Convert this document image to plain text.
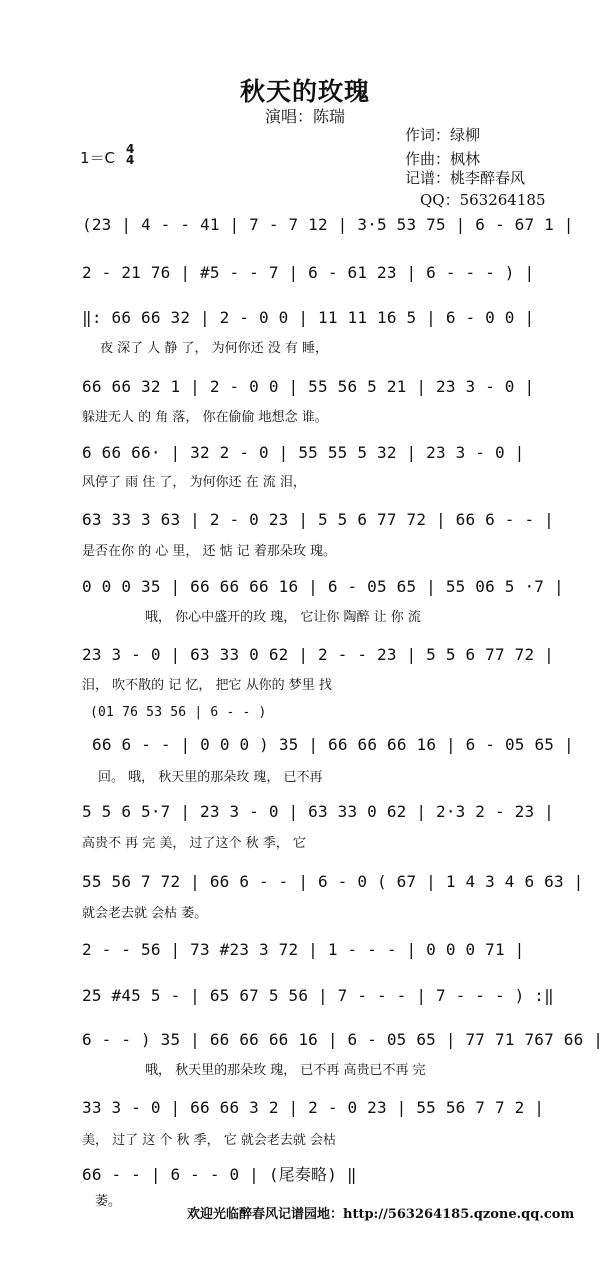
秋天的玫瑰
演唱：陈瑞
作词：绿柳
作曲：枫林
记谱：桃李醉春风
QQ：563264185
1＝C 4
4
(23 | 4 - - 41 | 7 - 7 12 | 3·5 53 75 | 6 - 67 1 |
2 - 21 76 | #5 - - 7 | 6 - 61 23 | 6 - - - ) |
‖: 66 66 32 | 2 - 0 0 | 11 11 16 5 | 6 - 0 0 |
夜 深了 人 静 了， 为何你还 没 有 睡，
66 66 32 1 | 2 - 0 0 | 55 56 5 21 | 23 3 - 0 |
躲进无人 的 角 落， 你在偷偷 地想念 谁。
6 66 66· | 32 2 - 0 | 55 55 5 32 | 23 3 - 0 |
风停了 雨 住 了， 为何你还 在 流 泪，
63 33 3 63 | 2 - 0 23 | 5 5 6 77 72 | 66 6 - - |
是否在你 的 心 里， 还 惦 记 着那朵玫 瑰。
0 0 0 35 | 66 66 66 16 | 6 - 05 65 | 55 06 5 ·7 |
哦， 你心中盛开的玫 瑰， 它让你 陶醉 让 你 流
23 3 - 0 | 63 33 0 62 | 2 - - 23 | 5 5 6 77 72 |
泪， 吹不散的 记 忆， 把它 从你的 梦里 找
(01 76 53 56 | 6 - - )
66 6 - - | 0 0 0 ) 35 | 66 66 66 16 | 6 - 05 65 |
回。 哦， 秋天里的那朵玫 瑰， 已不再
5 5 6 5·7 | 23 3 - 0 | 63 33 0 62 | 2·3 2 - 23 |
高贵不 再 完 美， 过了这个 秋 季， 它
55 56 7 72 | 66 6 - - | 6 - 0 ( 67 | 1 4 3 4 6 63 |
就会老去就 会枯 萎。
2 - - 56 | 73 #23 3 72 | 1 - - - | 0 0 0 71 |
25 #45 5 - | 65 67 5 56 | 7 - - - | 7 - - - ) :‖
6 - - ) 35 | 66 66 66 16 | 6 - 05 65 | 77 71 767 66 |
哦， 秋天里的那朵玫 瑰， 已不再 高贵已不再 完
33 3 - 0 | 66 66 3 2 | 2 - 0 23 | 55 56 7 7 2 |
美， 过了 这 个 秋 季， 它 就会老去就 会枯
66 - - | 6 - - 0 | (尾奏略) ‖
萎。
欢迎光临醉春风记谱园地：http://563264185.qzone.qq.com
